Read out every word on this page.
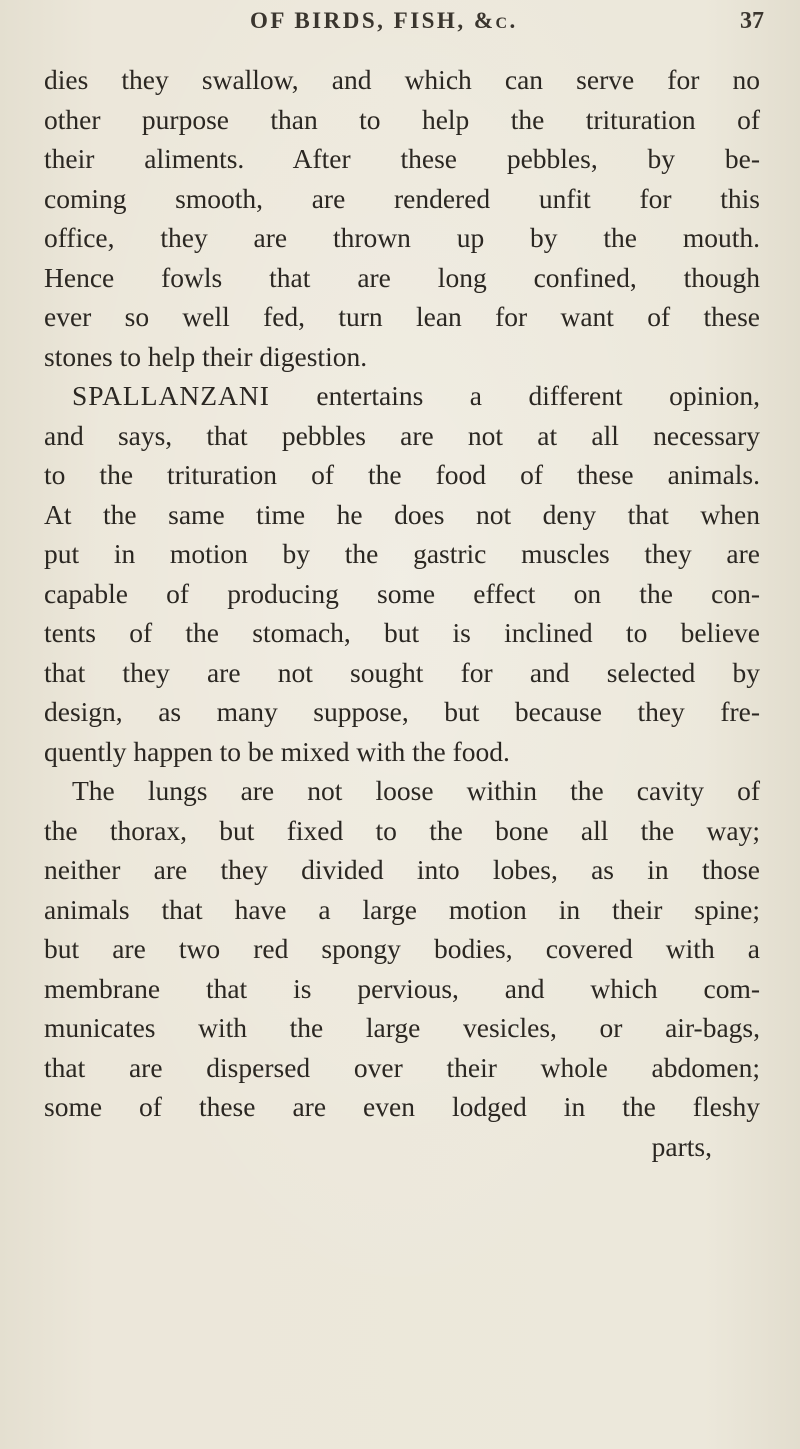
OF BIRDS, FISH, &c.	37
dies they swallow, and which can serve for no
other purpose than to help the trituration of
their aliments. After these pebbles, by be-
coming smooth, are rendered unfit for this
office, they are thrown up by the mouth.
Hence fowls that are long confined, though
ever so well fed, turn lean for want of these
stones to help their digestion.
SPALLANZANI entertains a different opinion,
and says, that pebbles are not at all necessary
to the trituration of the food of these animals.
At the same time he does not deny that when
put in motion by the gastric muscles they are
capable of producing some effect on the con-
tents of the stomach, but is inclined to believe
that they are not sought for and selected by
design, as many suppose, but because they fre-
quently happen to be mixed with the food.
The lungs are not loose within the cavity of
the thorax, but fixed to the bone all the way;
neither are they divided into lobes, as in those
animals that have a large motion in their spine;
but are two red spongy bodies, covered with a
membrane that is pervious, and which com-
municates with the large vesicles, or air-bags,
that are dispersed over their whole abdomen;
some of these are even lodged in the fleshy
parts,
